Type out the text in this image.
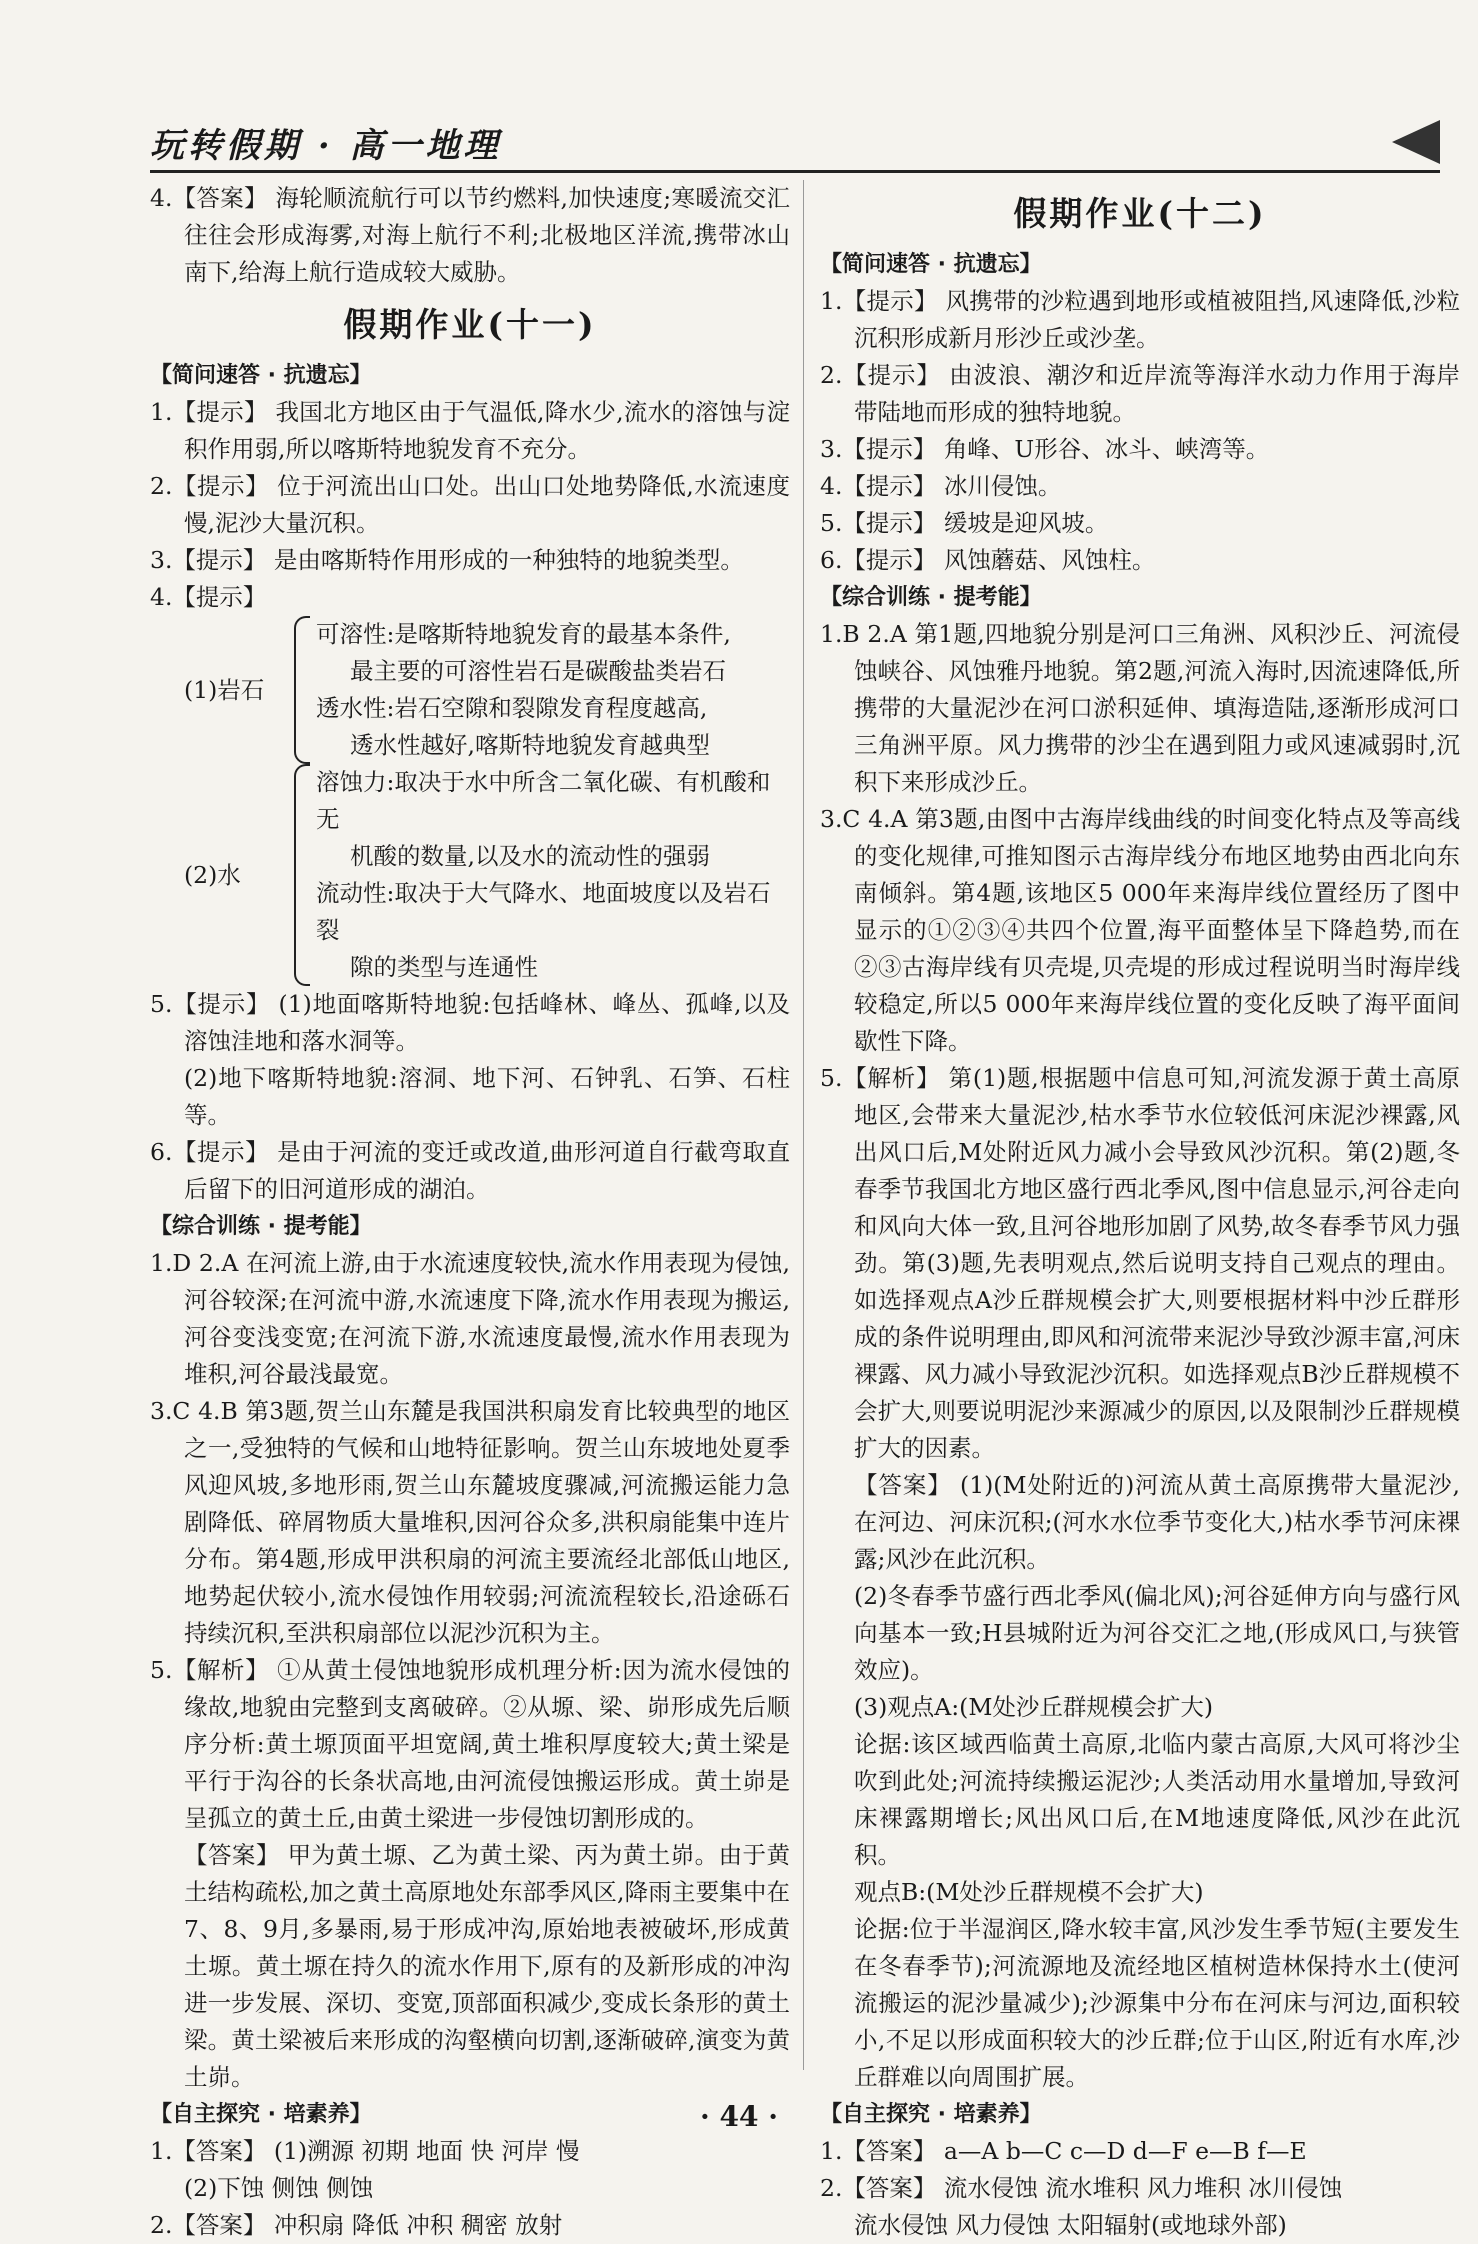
玩转假期 · 高一地理

4.【答案】 海轮顺流航行可以节约燃料,加快速度;寒暖流交汇往往会形成海雾,对海上航行不利;北极地区洋流,携带冰山南下,给海上航行造成较大威胁。

假期作业(十一)
【简问速答 · 抗遗忘】

1.【提示】 我国北方地区由于气温低,降水少,流水的溶蚀与淀积作用弱,所以喀斯特地貌发育不充分。

2.【提示】 位于河流出山口处。出山口处地势降低,水流速度慢,泥沙大量沉积。

3.【提示】 是由喀斯特作用形成的一种独特的地貌类型。

4.【提示】

(1)岩石
可溶性:是喀斯特地貌发育的最基本条件,
最主要的可溶性岩石是碳酸盐类岩石
透水性:岩石空隙和裂隙发育程度越高,
透水性越好,喀斯特地貌发育越典型
(2)水
溶蚀力:取决于水中所含二氧化碳、有机酸和无
机酸的数量,以及水的流动性的强弱
流动性:取决于大气降水、地面坡度以及岩石裂
隙的类型与连通性

5.【提示】 (1)地面喀斯特地貌:包括峰林、峰丛、孤峰,以及溶蚀洼地和落水洞等。

(2)地下喀斯特地貌:溶洞、地下河、石钟乳、石笋、石柱等。

6.【提示】 是由于河流的变迁或改道,曲形河道自行截弯取直后留下的旧河道形成的湖泊。

【综合训练 · 提考能】

1.D 2.A 在河流上游,由于水流速度较快,流水作用表现为侵蚀,河谷较深;在河流中游,水流速度下降,流水作用表现为搬运,河谷变浅变宽;在河流下游,水流速度最慢,流水作用表现为堆积,河谷最浅最宽。

3.C 4.B 第3题,贺兰山东麓是我国洪积扇发育比较典型的地区之一,受独特的气候和山地特征影响。贺兰山东坡地处夏季风迎风坡,多地形雨,贺兰山东麓坡度骤减,河流搬运能力急剧降低、碎屑物质大量堆积,因河谷众多,洪积扇能集中连片分布。第4题,形成甲洪积扇的河流主要流经北部低山地区,地势起伏较小,流水侵蚀作用较弱;河流流程较长,沿途砾石持续沉积,至洪积扇部位以泥沙沉积为主。

5.【解析】 ①从黄土侵蚀地貌形成机理分析:因为流水侵蚀的缘故,地貌由完整到支离破碎。②从塬、梁、峁形成先后顺序分析:黄土塬顶面平坦宽阔,黄土堆积厚度较大;黄土梁是平行于沟谷的长条状高地,由河流侵蚀搬运形成。黄土峁是呈孤立的黄土丘,由黄土梁进一步侵蚀切割形成的。

【答案】 甲为黄土塬、乙为黄土梁、丙为黄土峁。由于黄土结构疏松,加之黄土高原地处东部季风区,降雨主要集中在7、8、9月,多暴雨,易于形成冲沟,原始地表被破坏,形成黄土塬。黄土塬在持久的流水作用下,原有的及新形成的冲沟进一步发展、深切、变宽,顶部面积减少,变成长条形的黄土梁。黄土梁被后来形成的沟壑横向切割,逐渐破碎,演变为黄土峁。

【自主探究 · 培素养】

1.【答案】 (1)溯源 初期 地面 快 河岸 慢

(2)下蚀 侧蚀 侧蚀

2.【答案】 冲积扇 降低 冲积 稠密 放射

假期作业(十二)
【简问速答 · 抗遗忘】

1.【提示】 风携带的沙粒遇到地形或植被阻挡,风速降低,沙粒沉积形成新月形沙丘或沙垄。

2.【提示】 由波浪、潮汐和近岸流等海洋水动力作用于海岸带陆地而形成的独特地貌。

3.【提示】 角峰、U形谷、冰斗、峡湾等。

4.【提示】 冰川侵蚀。

5.【提示】 缓坡是迎风坡。

6.【提示】 风蚀蘑菇、风蚀柱。

【综合训练 · 提考能】

1.B 2.A 第1题,四地貌分别是河口三角洲、风积沙丘、河流侵蚀峡谷、风蚀雅丹地貌。第2题,河流入海时,因流速降低,所携带的大量泥沙在河口淤积延伸、填海造陆,逐渐形成河口三角洲平原。风力携带的沙尘在遇到阻力或风速减弱时,沉积下来形成沙丘。

3.C 4.A 第3题,由图中古海岸线曲线的时间变化特点及等高线的变化规律,可推知图示古海岸线分布地区地势由西北向东南倾斜。第4题,该地区5 000年来海岸线位置经历了图中显示的①②③④共四个位置,海平面整体呈下降趋势,而在②③古海岸线有贝壳堤,贝壳堤的形成过程说明当时海岸线较稳定,所以5 000年来海岸线位置的变化反映了海平面间歇性下降。

5.【解析】 第(1)题,根据题中信息可知,河流发源于黄土高原地区,会带来大量泥沙,枯水季节水位较低河床泥沙裸露,风出风口后,M处附近风力减小会导致风沙沉积。第(2)题,冬春季节我国北方地区盛行西北季风,图中信息显示,河谷走向和风向大体一致,且河谷地形加剧了风势,故冬春季节风力强劲。第(3)题,先表明观点,然后说明支持自己观点的理由。如选择观点A沙丘群规模会扩大,则要根据材料中沙丘群形成的条件说明理由,即风和河流带来泥沙导致沙源丰富,河床裸露、风力减小导致泥沙沉积。如选择观点B沙丘群规模不会扩大,则要说明泥沙来源减少的原因,以及限制沙丘群规模扩大的因素。

【答案】 (1)(M处附近的)河流从黄土高原携带大量泥沙,在河边、河床沉积;(河水水位季节变化大,)枯水季节河床裸露;风沙在此沉积。

(2)冬春季节盛行西北季风(偏北风);河谷延伸方向与盛行风向基本一致;H县城附近为河谷交汇之地,(形成风口,与狭管效应)。

(3)观点A:(M处沙丘群规模会扩大)

论据:该区域西临黄土高原,北临内蒙古高原,大风可将沙尘吹到此处;河流持续搬运泥沙;人类活动用水量增加,导致河床裸露期增长;风出风口后,在M地速度降低,风沙在此沉积。

观点B:(M处沙丘群规模不会扩大)

论据:位于半湿润区,降水较丰富,风沙发生季节短(主要发生在冬春季节);河流源地及流经地区植树造林保持水土(使河流搬运的泥沙量减少);沙源集中分布在河床与河边,面积较小,不足以形成面积较大的沙丘群;位于山区,附近有水库,沙丘群难以向周围扩展。

【自主探究 · 培素养】

1.【答案】 a—A b—C c—D d—F e—B f—E

2.【答案】 流水侵蚀 流水堆积 风力堆积 冰川侵蚀

流水侵蚀 风力侵蚀 太阳辐射(或地球外部)

· 44 ·
